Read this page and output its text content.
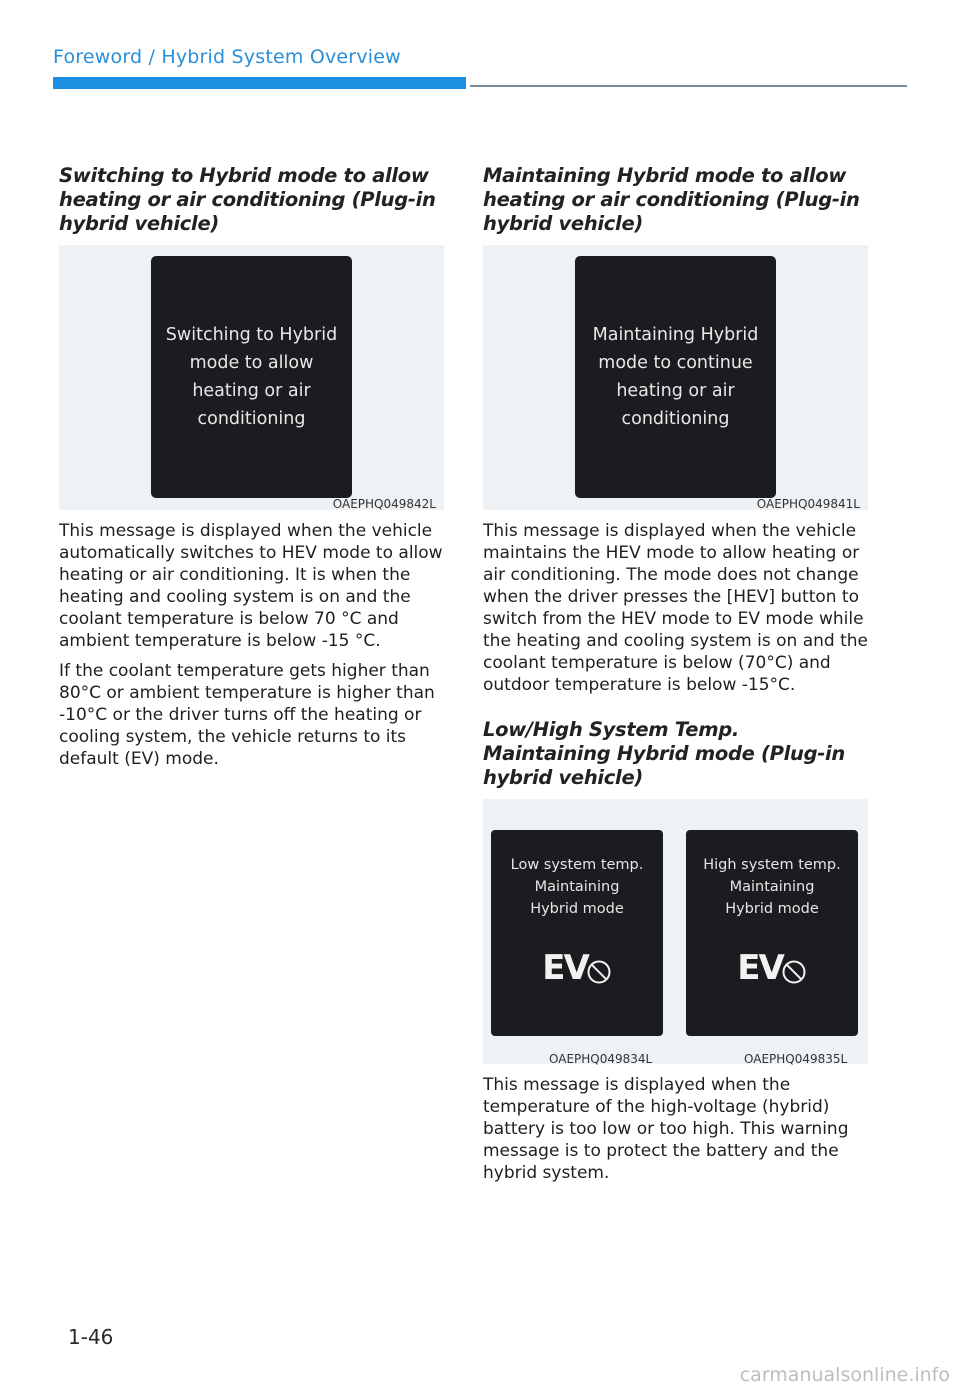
Foreword / Hybrid System Overview
Switching to Hybrid mode to allow heating or air conditioning (Plug-in hybrid vehicle)
Switching to Hybrid mode to allow heating or air conditioning
OAEPHQ049842L

This message is displayed when the vehicle automatically switches to HEV mode to allow heating or air conditioning. It is when the heating and cooling system is on and the coolant temperature is below 70 °C and ambient temperature is below -15 °C.

If the coolant temperature gets higher than 80°C or ambient temperature is higher than -10°C or the driver turns off the heating or cooling system, the vehicle returns to its default (EV) mode.

Maintaining Hybrid mode to allow heating or air conditioning (Plug-in hybrid vehicle)
Maintaining Hybrid mode to continue heating or air conditioning
OAEPHQ049841L

This message is displayed when the vehicle maintains the HEV mode to allow heating or air conditioning. The mode does not change when the driver presses the [HEV] button to switch from the HEV mode to EV mode while the heating and cooling system is on and the coolant temperature is below (70°C) and outdoor temperature is below -15°C.

Low/High System Temp. Maintaining Hybrid mode (Plug-in hybrid vehicle)
Low system temp.
Maintaining
Hybrid mode
EV
High system temp.
Maintaining
Hybrid mode
EV
OAEPHQ049834L	OAEPHQ049835L

This message is displayed when the temperature of the high-voltage (hybrid) battery is too low or too high. This warning message is to protect the battery and the hybrid system.

1-46
carmanualsonline.info
